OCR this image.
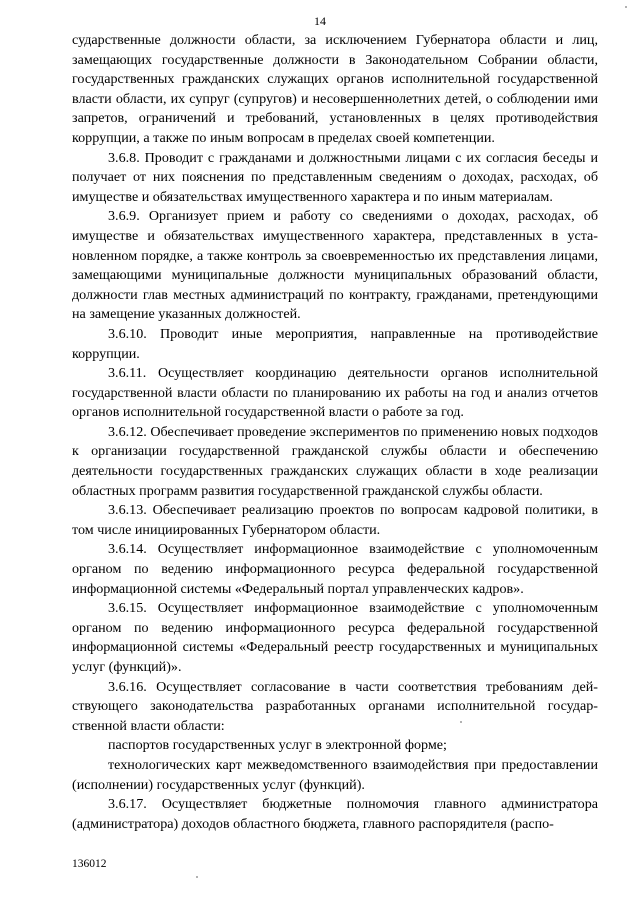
14

сударственные должности области, за исключением Губернатора области и лиц, замещающих государственные должности в Законодательном Собрании области, государственных гражданских служащих органов исполнительной государственной власти области, их супруг (супругов) и несовершеннолетних детей, о соблюдении ими запретов, ограничений и требований, установленных в целях противодействия коррупции, а также по иным вопросам в пределах своей компетенции.

3.6.8. Проводит с гражданами и должностными лицами с их согласия беседы и получает от них пояснения по представленным сведениям о доходах, расходах, об имуществе и обязательствах имущественного характера и по иным материалам.

3.6.9. Организует прием и работу со сведениями о доходах, расходах, об имуществе и обязательствах имущественного характера, представленных в установленном порядке, а также контроль за своевременностью их представления лицами, замещающими муниципальные должности муниципальных образований области, должности глав местных администраций по контракту, гражданами, претендующими на замещение указанных должностей.

3.6.10. Проводит иные мероприятия, направленные на противодействие коррупции.

3.6.11. Осуществляет координацию деятельности органов исполнительной государственной власти области по планированию их работы на год и анализ отчетов органов исполнительной государственной власти о работе за год.

3.6.12. Обеспечивает проведение экспериментов по применению новых подходов к организации государственной гражданской службы области и обеспечению деятельности государственных гражданских служащих области в ходе реализации областных программ развития государственной гражданской службы области.

3.6.13. Обеспечивает реализацию проектов по вопросам кадровой политики, в том числе инициированных Губернатором области.

3.6.14. Осуществляет информационное взаимодействие с уполномоченным органом по ведению информационного ресурса федеральной государственной информационной системы «Федеральный портал управленческих кадров».

3.6.15. Осуществляет информационное взаимодействие с уполномоченным органом по ведению информационного ресурса федеральной государственной информационной системы «Федеральный реестр государственных и муниципальных услуг (функций)».

3.6.16. Осуществляет согласование в части соответствия требованиям действующего законодательства разработанных органами исполнительной государственной власти области:

паспортов государственных услуг в электронной форме;

технологических карт межведомственного взаимодействия при предоставлении (исполнении) государственных услуг (функций).

3.6.17. Осуществляет бюджетные полномочия главного администратора (администратора) доходов областного бюджета, главного распорядителя (распо-

136012
